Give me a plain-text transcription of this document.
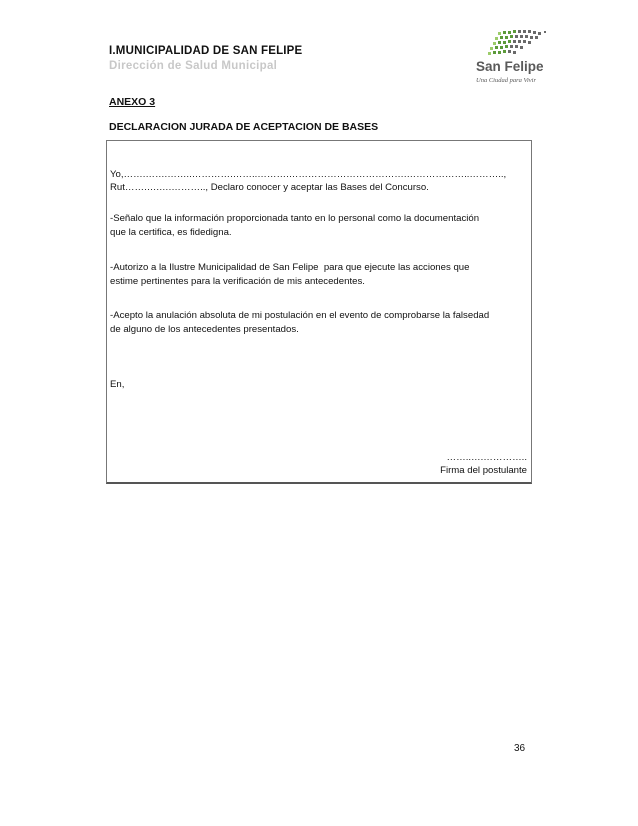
I.MUNICIPALIDAD DE SAN FELIPE
Dirección de Salud Municipal	San Felipe
Una Ciudad para Vivir
ANEXO 3
DECLARACION JURADA DE ACEPTACION DE BASES
Yo,…….…….……..………….……..……….……………………………….………………..………..,
Rut…….….….……….., Declaro conocer y aceptar las Bases del Concurso.
-Señalo que la información proporcionada tanto en lo personal como la documentación
que la certifica, es fidedigna.
-Autorizo a la Ilustre Municipalidad de San Felipe  para que ejecute las acciones que
estime pertinentes para la verificación de mis antecedentes.
-Acepto la anulación absoluta de mi postulación en el evento de comprobarse la falsedad
de alguno de los antecedentes presentados.
En,
……..….…………..
Firma del postulante
36
